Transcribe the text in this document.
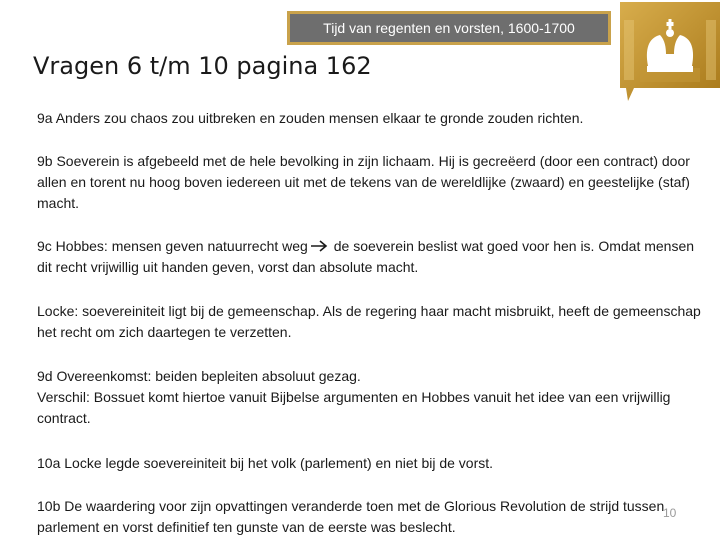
Tijd van regenten en vorsten, 1600-1700
Vragen 6 t/m 10 pagina 162

9a Anders zou chaos zou uitbreken en zouden mensen elkaar te gronde zouden richten.

9b Soeverein is afgebeeld met de hele bevolking in zijn lichaam. Hij is gecreëerd (door een contract) door allen en torent nu hoog boven iedereen uit met de tekens van de wereldlijke (zwaard) en geestelijke (staf) macht.

9c Hobbes: mensen geven natuurrecht weg de soeverein beslist wat goed voor hen is. Omdat mensen dit recht vrijwillig uit handen geven, vorst dan absolute macht.

Locke: soevereiniteit ligt bij de gemeenschap. Als de regering haar macht misbruikt, heeft de gemeenschap het recht om zich daartegen te verzetten.

9d Overeenkomst: beiden bepleiten absoluut gezag.
Verschil: Bossuet komt hiertoe vanuit Bijbelse argumenten en Hobbes vanuit het idee van een vrijwillig contract.

10a Locke legde soevereiniteit bij het volk (parlement) en niet bij de vorst.

10b De waardering voor zijn opvattingen veranderde toen met de Glorious Revolution de strijd tussen parlement en vorst definitief ten gunste van de eerste was beslecht.

10
